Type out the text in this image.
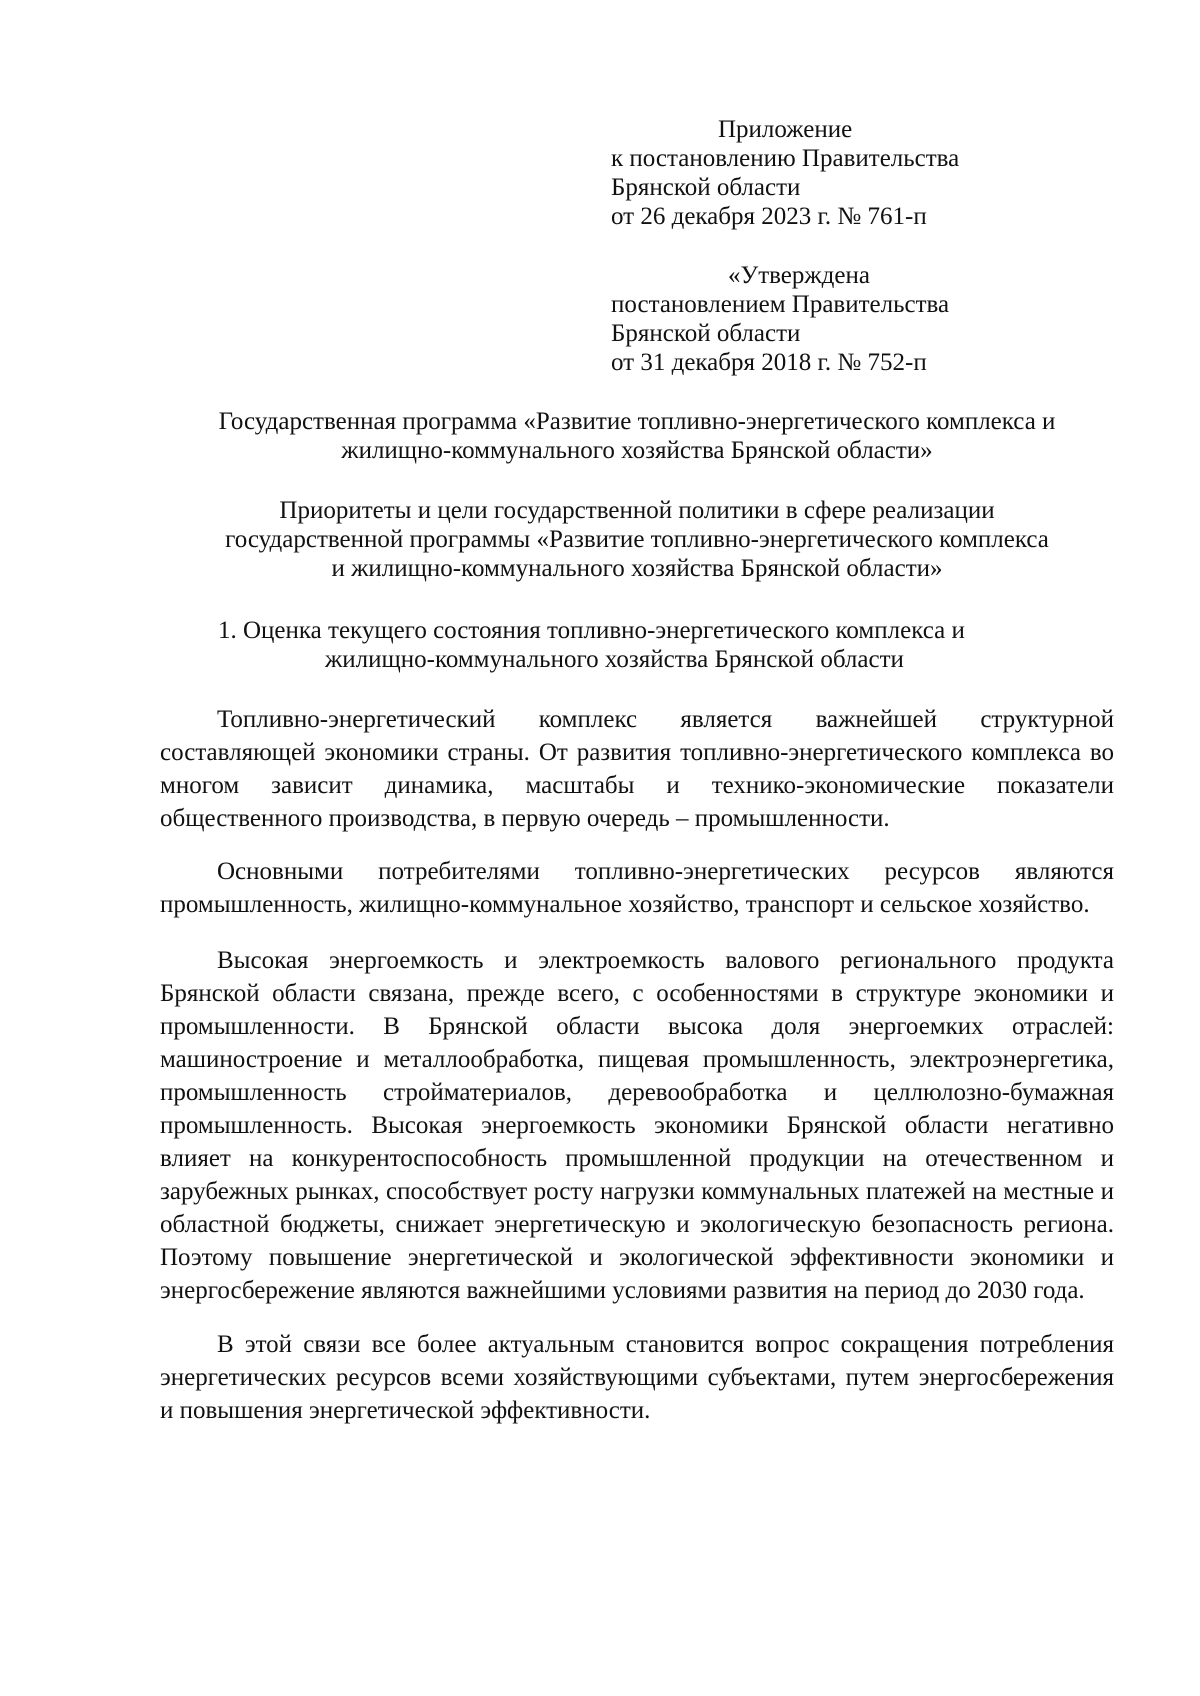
Приложение
к постановлению Правительства
Брянской области
от 26 декабря 2023 г. № 761-п
«Утверждена
постановлением Правительства
Брянской области
от 31 декабря 2018 г. № 752-п
Государственная программа «Развитие топливно-энергетического комплекса и
жилищно-коммунального хозяйства Брянской области»
Приоритеты и цели государственной политики в сфере реализации
государственной программы «Развитие топливно-энергетического комплекса
и жилищно-коммунального хозяйства Брянской области»
1. Оценка текущего состояния топливно-энергетического комплекса и
жилищно-коммунального хозяйства Брянской области
Топливно-энергетический комплекс является важнейшей структурной составляющей экономики страны. От развития топливно-энергетического комплекса во многом зависит динамика, масштабы и технико-экономические показатели общественного производства, в первую очередь – промышленности.
Основными потребителями топливно-энергетических ресурсов являются промышленность, жилищно-коммунальное хозяйство, транспорт и сельское хозяйство.
Высокая энергоемкость и электроемкость валового регионального продукта Брянской области связана, прежде всего, с особенностями в структуре экономики и промышленности. В Брянской области высока доля энергоемких отраслей: машиностроение и металлообработка, пищевая промышленность, электроэнергетика, промышленность стройматериалов, деревообработка и целлюлозно-бумажная промышленность. Высокая энергоемкость экономики Брянской области негативно влияет на конкурентоспособность промышленной продукции на отечественном и зарубежных рынках, способствует росту нагрузки коммунальных платежей на местные и областной бюджеты, снижает энергетическую и экологическую безопасность региона. Поэтому повышение энергетической и экологической эффективности экономики и энергосбережение являются важнейшими условиями развития на период до 2030 года.
В этой связи все более актуальным становится вопрос сокращения потребления энергетических ресурсов всеми хозяйствующими субъектами, путем энергосбережения и повышения энергетической эффективности.
